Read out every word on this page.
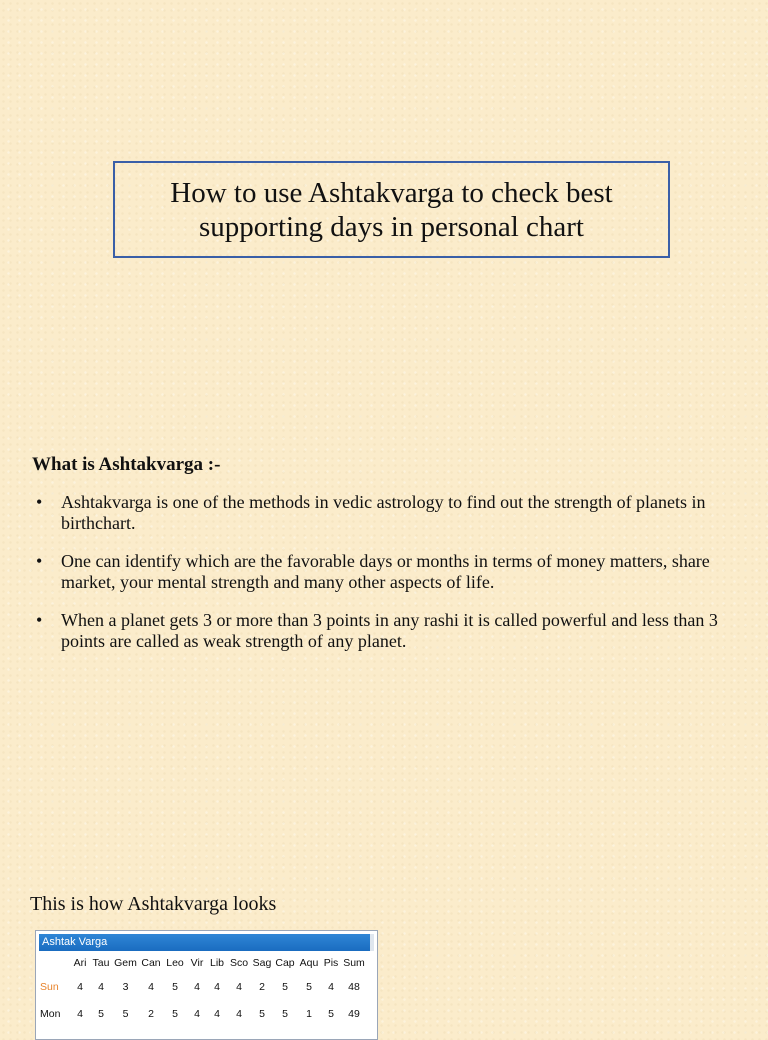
How to use Ashtakvarga to check best supporting days in personal chart
What is Ashtakvarga :-
• Ashtakvarga is one of the methods in vedic astrology to find out the strength of planets in birthchart.
• One can identify which are the favorable days or months in terms of money matters, share market, your mental strength and many other aspects of life.
• When a planet gets 3 or more than 3 points in any rashi it is called powerful and less than 3 points are called as weak strength of any planet.

This is how Ashtakvarga looks

Ashtak Varga
	Ari	Tau	Gem	Can	Leo	Vir	Lib	Sco	Sag	Cap	Aqu	Pis	Sum
Sun	4	4	3	4	5	4	4	4	2	5	5	4	48
Mon	4	5	5	2	5	4	4	4	5	5	1	5	49
